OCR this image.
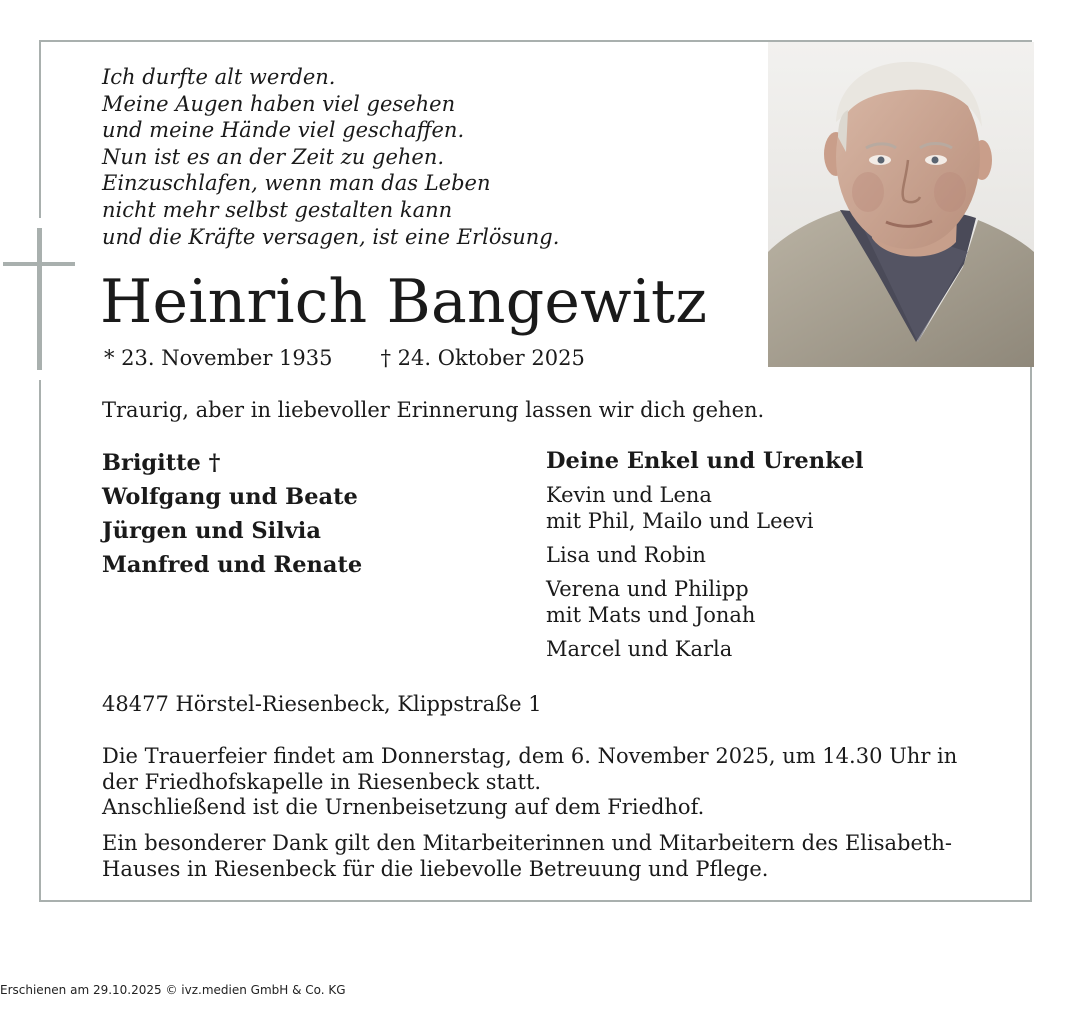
Ich durfte alt werden.
Meine Augen haben viel gesehen
und meine Hände viel geschaffen.
Nun ist es an der Zeit zu gehen.
Einzuschlafen, wenn man das Leben
nicht mehr selbst gestalten kann
und die Kräfte versagen, ist eine Erlösung.
Heinrich Bangewitz
* 23. November 1935 † 24. Oktober 2025
Traurig, aber in liebevoller Erinnerung lassen wir dich gehen.
Brigitte †
Wolfgang und Beate
Jürgen und Silvia
Manfred und Renate
Deine Enkel und Urenkel
Kevin und Lena
mit Phil, Mailo und Leevi
Lisa und Robin
Verena und Philipp
mit Mats und Jonah
Marcel und Karla
48477 Hörstel-Riesenbeck, Klippstraße 1
Die Trauerfeier findet am Donnerstag, dem 6. November 2025, um 14.30 Uhr in
der Friedhofskapelle in Riesenbeck statt.
Anschließend ist die Urnenbeisetzung auf dem Friedhof.
Ein besonderer Dank gilt den Mitarbeiterinnen und Mitarbeitern des Elisabeth-
Hauses in Riesenbeck für die liebevolle Betreuung und Pflege.
Erschienen am 29.10.2025 © ivz.medien GmbH & Co. KG
